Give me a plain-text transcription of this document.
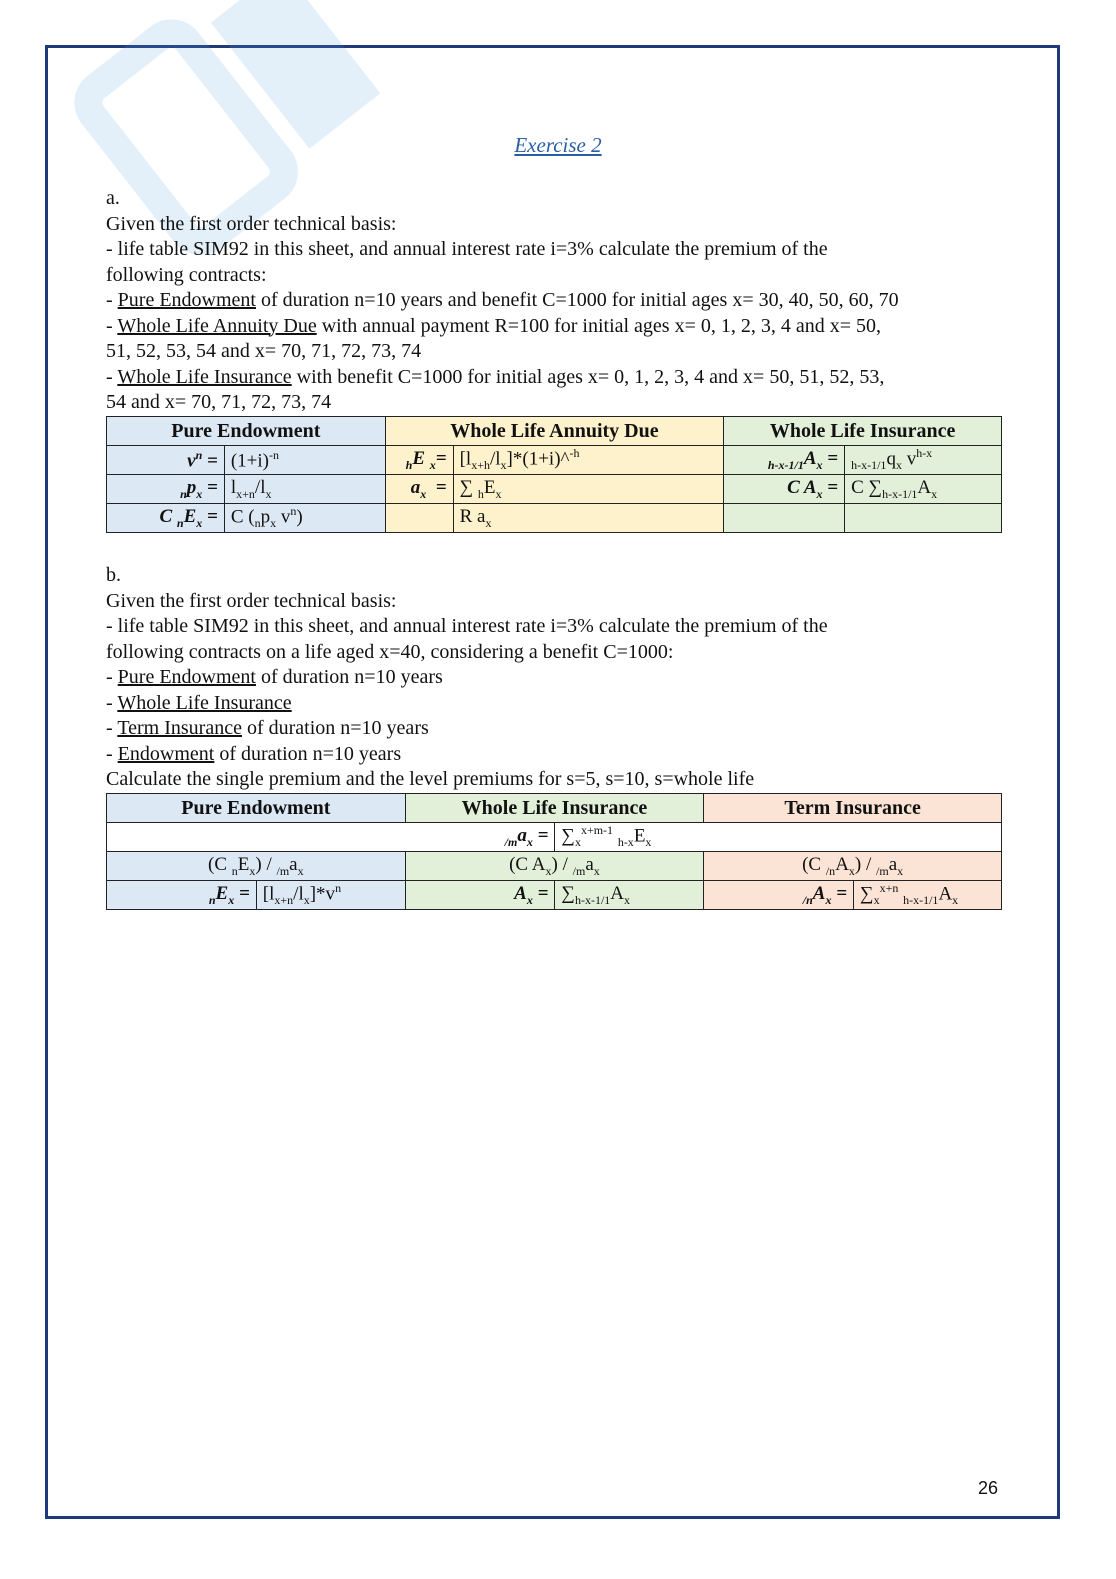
Exercise 2

a.

Given the first order technical basis:

- life table SIM92 in this sheet, and annual interest rate i=3% calculate the premium of the

following contracts:

- Pure Endowment of duration n=10 years and benefit C=1000 for initial ages x= 30, 40, 50, 60, 70

- Whole Life Annuity Due with annual payment R=100 for initial ages x= 0, 1, 2, 3, 4 and x= 50,

51, 52, 53, 54 and x= 70, 71, 72, 73, 74

- Whole Life Insurance with benefit C=1000 for initial ages x= 0, 1, 2, 3, 4 and x= 50, 51, 52, 53,

54 and x= 70, 71, 72, 73, 74

Pure Endowment		Whole Life Annuity Due		Whole Life Insurance	
$v^n$ =	$(1+i)^{-n}$	$_h$E $_x$=	$[l_{x+h}/l_x]*(1+i)\^{}^{-h}$	$_{h-x-1/1}A_x$ =	$_{h-x-1/1}q_x$ $v^{h-x}$
$_np_x$ =	$l_{x+n}/l_x$	$a_x$  =	∑ $_hE_x$	C $A_x$ =	C $\sum_{h-x-1/1}A_x$
C $_nE_x$ =	C ($_np_x$ $v^n$)		R $a_x$		

b.

Given the first order technical basis:

- life table SIM92 in this sheet, and annual interest rate i=3% calculate the premium of the

following contracts on a life aged x=40, considering a benefit C=1000:

- Pure Endowment of duration n=10 years

- Whole Life Insurance

- Term Insurance of duration n=10 years

- Endowment of duration n=10 years

Calculate the single premium and the level premiums for s=5, s=10, s=whole life

Pure Endowment		Whole Life Insurance		Term Insurance	
$_{/m}a_x$ =			$\sum_x^{x+m-1}$ $_{h-x}E_x$
(C $_nE_x) / _{/m}a_x$		(C $A_x) / _{/m}a_x$		(C $_{/n}A_x) / _{/m}a_x$
$_nE_x$ =	$[l_{x+n}/l_x]*v^n$	$A_x$ =	$\sum_{h-x-1/1}A_x$	$_{/n}A_x$ =	$\sum_x^{x+n}$ $_{h-x-1/1}A_x$
26
